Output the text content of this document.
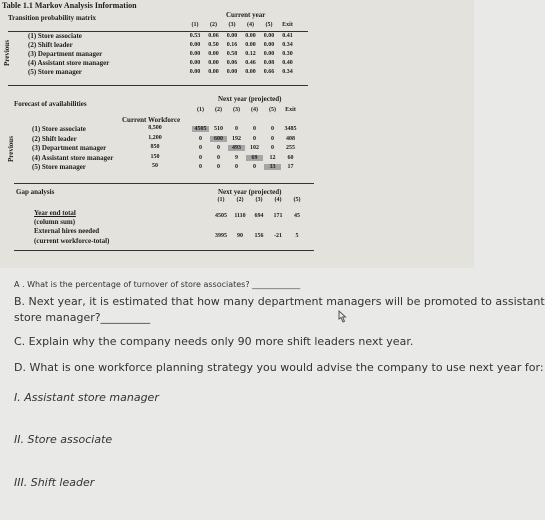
Table 1.1 Markov Analysis Information
Transition probability matrix	Current year
Previous
(1)	(2)	(3)	(4)	(5)	Exit
(1) Store associate	0.53	0.06	0.00	0.00	0.00	0.41
(2) Shift leader	0.00	0.50	0.16	0.00	0.00	0.34
(3) Department manager	0.00	0.00	0.58	0.12	0.00	0.30
(4) Assistant store manager	0.00	0.00	0.06	0.46	0.08	0.40
(5) Store manager	0.00	0.00	0.00	0.00	0.66	0.34
Forecast of availabilities
Next year (projected)
Current Workforce
Previous
(1)	(2)	(3)	(4)	(5)	Exit
(1) Store associate	8,500	4505	510	0	0	0	3485
(2) Shift leader	1,200	0	600	192	0	0	408
(3) Department manager	850	0	0	493	102	0	255
(4) Assistant store manager	150	0	0	9	69	12	60
(5) Store manager	50	0	0	0	0	33	17
Gap analysis	Next year (projected)
(1)	(2)	(3)	(4)	(5)
Year end total
(column sum)
4505	1110	694	171	45
External hires needed
(current workforce-total)
3995	90	156	-21	5
A . What is the percentage of turnover of store associates? ____________
B. Next year, it is estimated that how many department managers will be promoted to assistant
store manager?_________
C. Explain why the company needs only 90 more shift leaders next year.
D. What is one workforce planning strategy you would advise the company to use next year for:
I. Assistant store manager
II. Store associate
III. Shift leader
